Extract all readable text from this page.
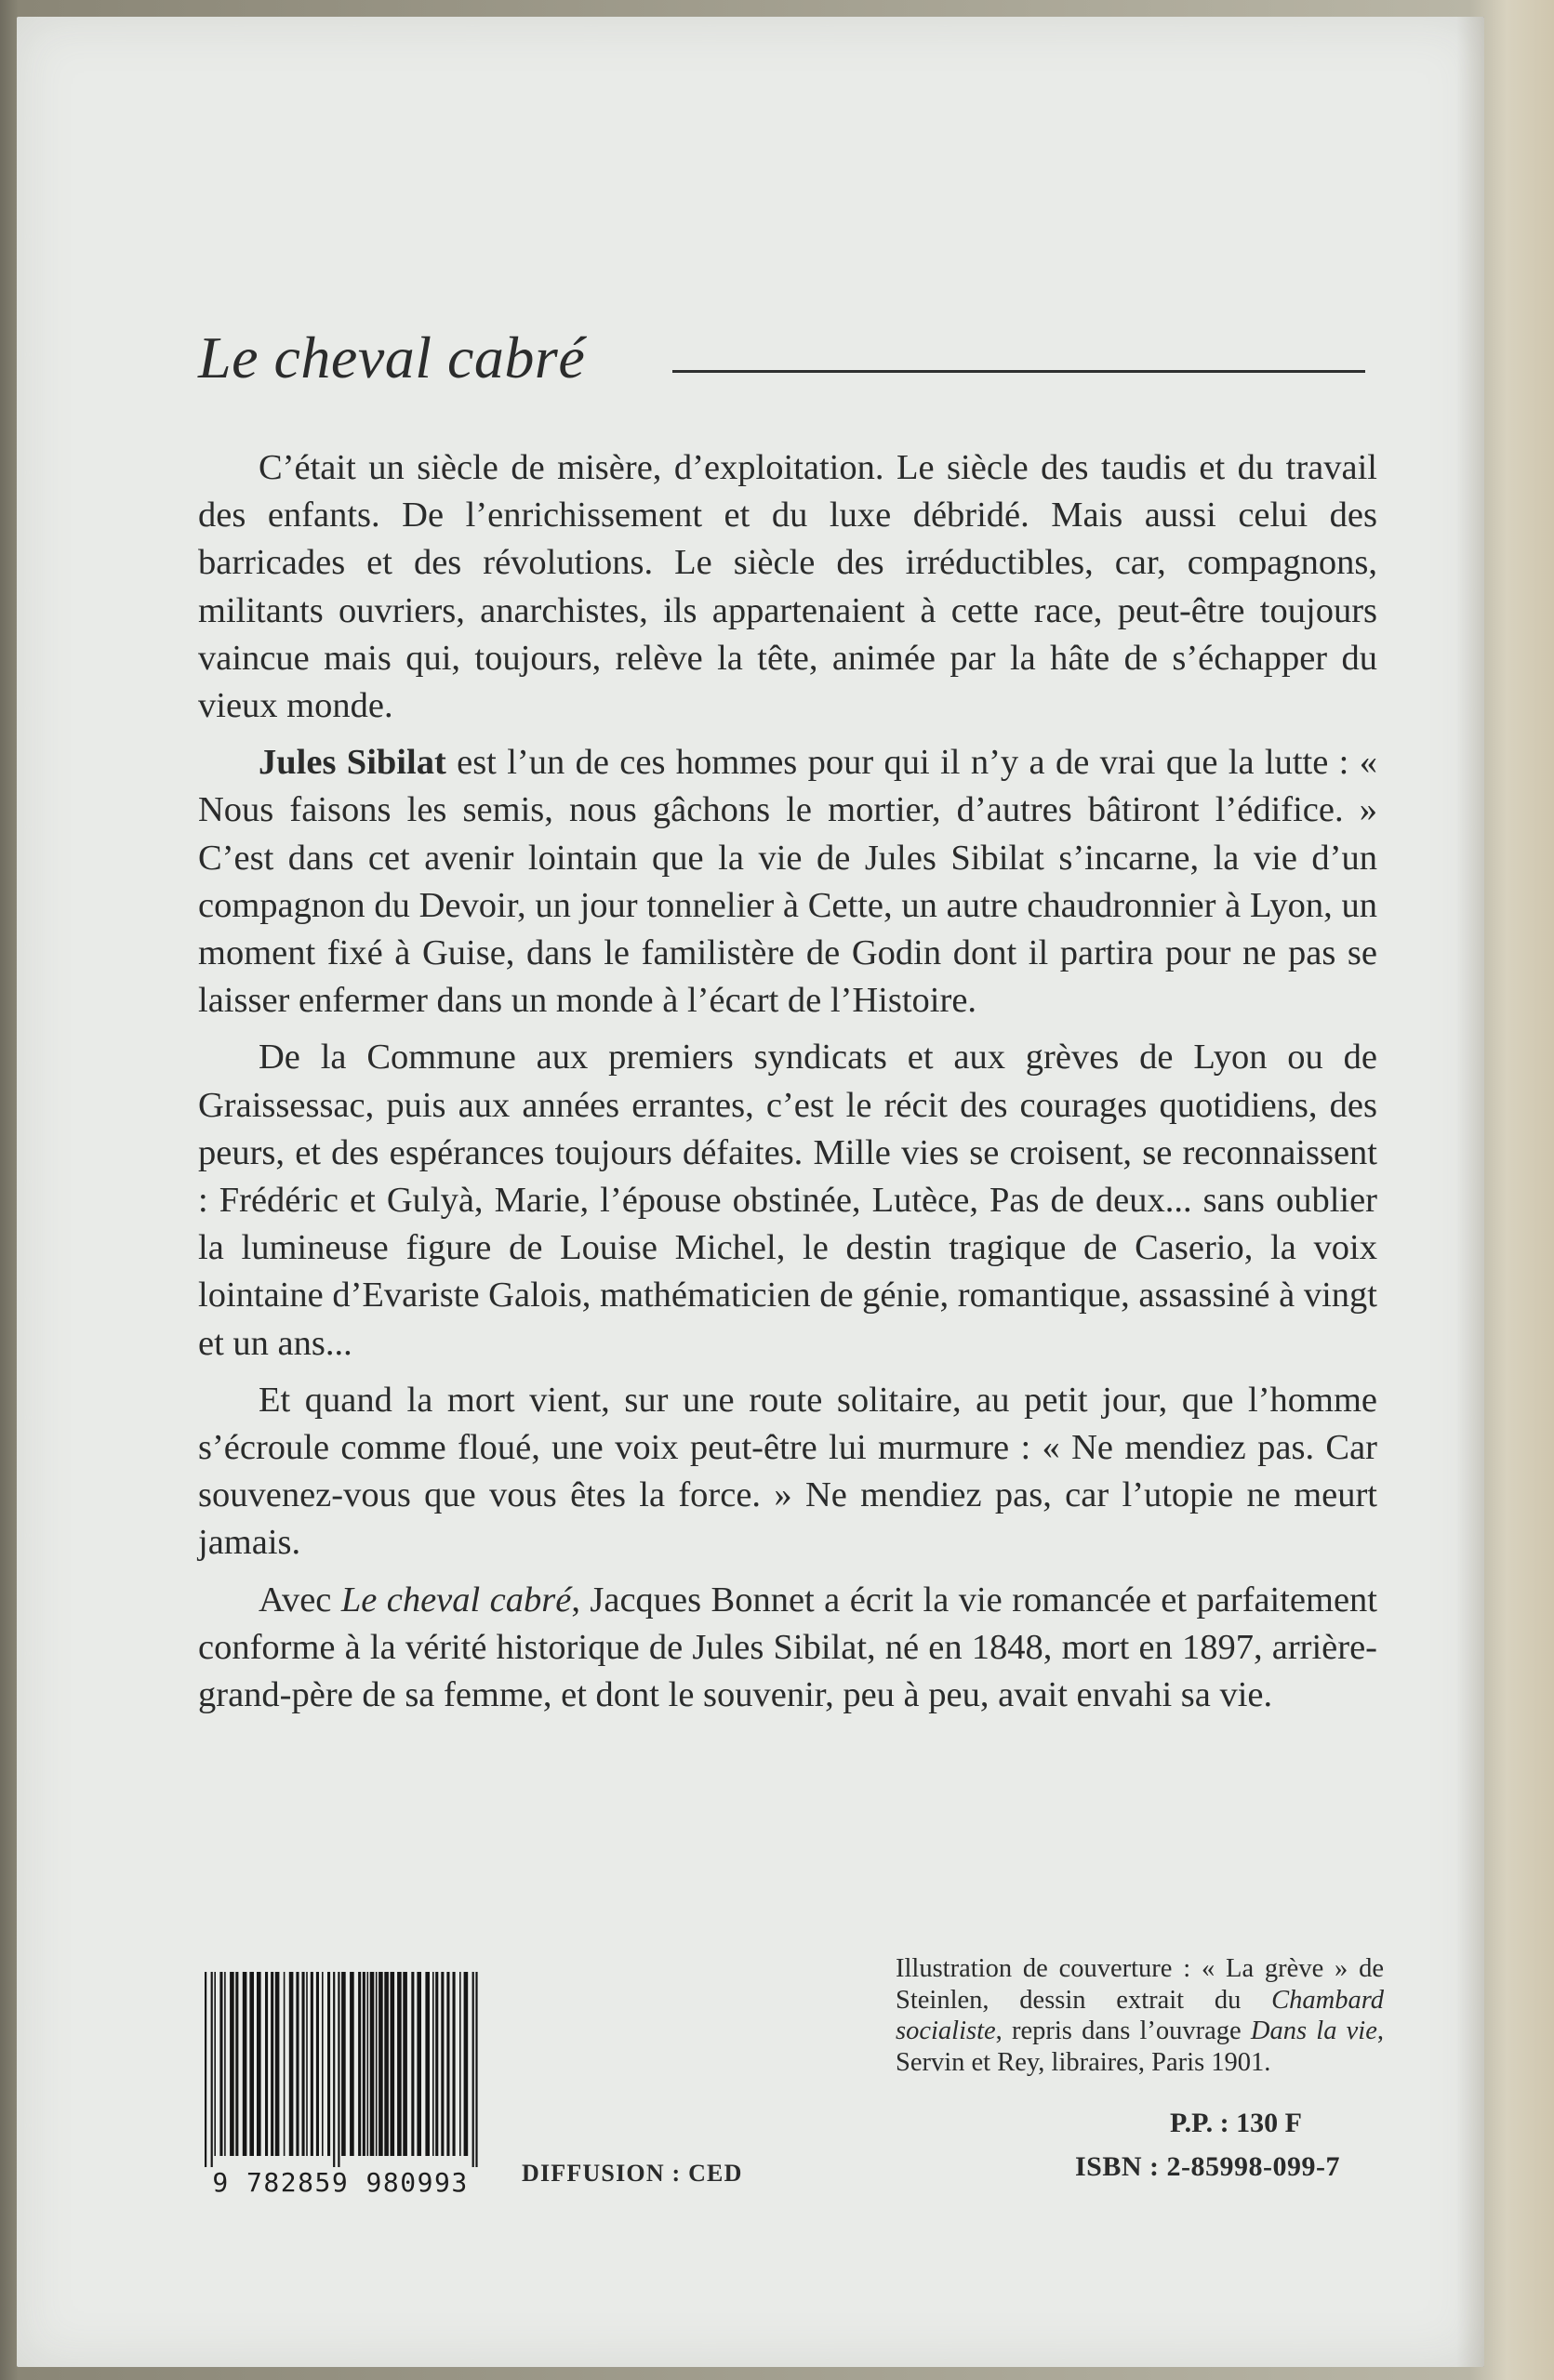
Le cheval cabré

C’était un siècle de misère, d’exploitation. Le siècle des taudis et du travail des enfants. De l’enrichissement et du luxe débridé. Mais aussi celui des barricades et des révolutions. Le siècle des irréductibles, car, compagnons, militants ouvriers, anarchistes, ils appartenaient à cette race, peut-être toujours vaincue mais qui, toujours, relève la tête, animée par la hâte de s’échapper du vieux monde.

Jules Sibilat est l’un de ces hommes pour qui il n’y a de vrai que la lutte : « Nous faisons les semis, nous gâchons le mortier, d’autres bâtiront l’édifice. » C’est dans cet avenir lointain que la vie de Jules Sibilat s’incarne, la vie d’un compagnon du Devoir, un jour tonnelier à Cette, un autre chaudronnier à Lyon, un moment fixé à Guise, dans le familistère de Godin dont il partira pour ne pas se laisser enfermer dans un monde à l’écart de l’Histoire.

De la Commune aux premiers syndicats et aux grèves de Lyon ou de Graissessac, puis aux années errantes, c’est le récit des courages quotidiens, des peurs, et des espérances toujours défaites. Mille vies se croisent, se reconnaissent : Frédéric et Gulyà, Marie, l’épouse obstinée, Lutèce, Pas de deux... sans oublier la lumineuse figure de Louise Michel, le destin tragique de Caserio, la voix lointaine d’Evariste Galois, mathématicien de génie, romantique, assassiné à vingt et un ans...

Et quand la mort vient, sur une route solitaire, au petit jour, que l’homme s’écroule comme floué, une voix peut-être lui murmure : « Ne mendiez pas. Car souvenez-vous que vous êtes la force. » Ne mendiez pas, car l’utopie ne meurt jamais.

Avec Le cheval cabré, Jacques Bonnet a écrit la vie romancée et parfaitement conforme à la vérité historique de Jules Sibilat, né en 1848, mort en 1897, arrière-grand-père de sa femme, et dont le souvenir, peu à peu, avait envahi sa vie.

9 782859 980993	DIFFUSION : CED
Illustration de couverture : « La grève » de Steinlen, dessin extrait du Chambard socialiste, repris dans l’ouvrage Dans la vie, Servin et Rey, libraires, Paris 1901.
P.P. : 130 F
ISBN : 2-85998-099-7
